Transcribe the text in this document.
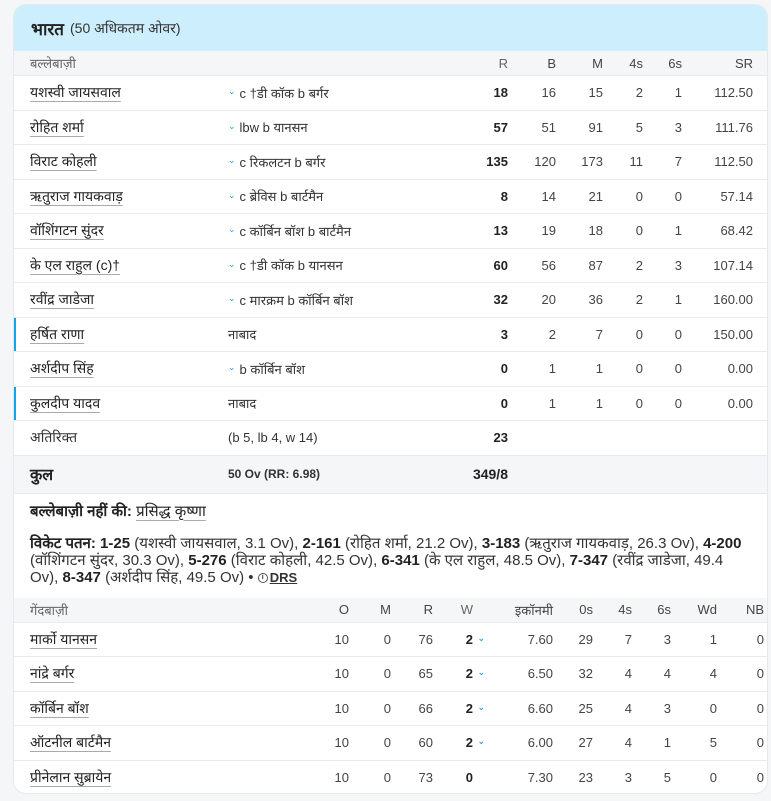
भारत (50 अधिकतम ओवर)
बल्लेबाज़ी	R	B	M	4s	6s	SR
यशस्वी जायसवाल	⌄ c †डी कॉक b बर्गर	18	16	15	2	1	112.50
रोहित शर्मा	⌄ lbw b यानसन	57	51	91	5	3	111.76
विराट कोहली	⌄ c रिकलटन b बर्गर	135	120	173	11	7	112.50
ऋतुराज गायकवाड़	⌄ c ब्रेविस b बार्टमैन	8	14	21	0	0	57.14
वॉशिंगटन सुंदर	⌄ c कॉर्बिन बॉश b बार्टमैन	13	19	18	0	1	68.42
के एल राहुल (c)†	⌄ c †डी कॉक b यानसन	60	56	87	2	3	107.14
रवींद्र जाडेजा	⌄ c मारक्रम b कॉर्बिन बॉश	32	20	36	2	1	160.00
हर्षित राणा	नाबाद	3	2	7	0	0	150.00
अर्शदीप सिंह	⌄ b कॉर्बिन बॉश	0	1	1	0	0	0.00
कुलदीप यादव	नाबाद	0	1	1	0	0	0.00
अतिरिक्त	(b 5, lb 4, w 14)	23
कुल	50 Ov (RR: 6.98)	349/8
बल्लेबाज़ी नहीं की: प्रसिद्ध कृष्णा
विकेट पतन: 1-25 (यशस्वी जायसवाल, 3.1 Ov), 2-161 (रोहित शर्मा, 21.2 Ov), 3-183 (ऋतुराज गायकवाड़, 26.3 Ov), 4-200 (वॉशिंगटन सुंदर, 30.3 Ov), 5-276 (विराट कोहली, 42.5 Ov), 6-341 (के एल राहुल, 48.5 Ov), 7-347 (रवींद्र जाडेजा, 49.4 Ov), 8-347 (अर्शदीप सिंह, 49.5 Ov) • i DRS
गेंदबाज़ी	O	M	R	W	इकॉनमी	0s	4s	6s	Wd	NB
मार्को यानसन	10	0	76	2 ⌄	7.60	29	7	3	1	0
नांद्रे बर्गर	10	0	65	2 ⌄	6.50	32	4	4	4	0
कॉर्बिन बॉश	10	0	66	2 ⌄	6.60	25	4	3	0	0
ऑटनील बार्टमैन	10	0	60	2 ⌄	6.00	27	4	1	5	0
प्रीनेलान सुब्रायेन	10	0	73	0	7.30	23	3	5	0	0
